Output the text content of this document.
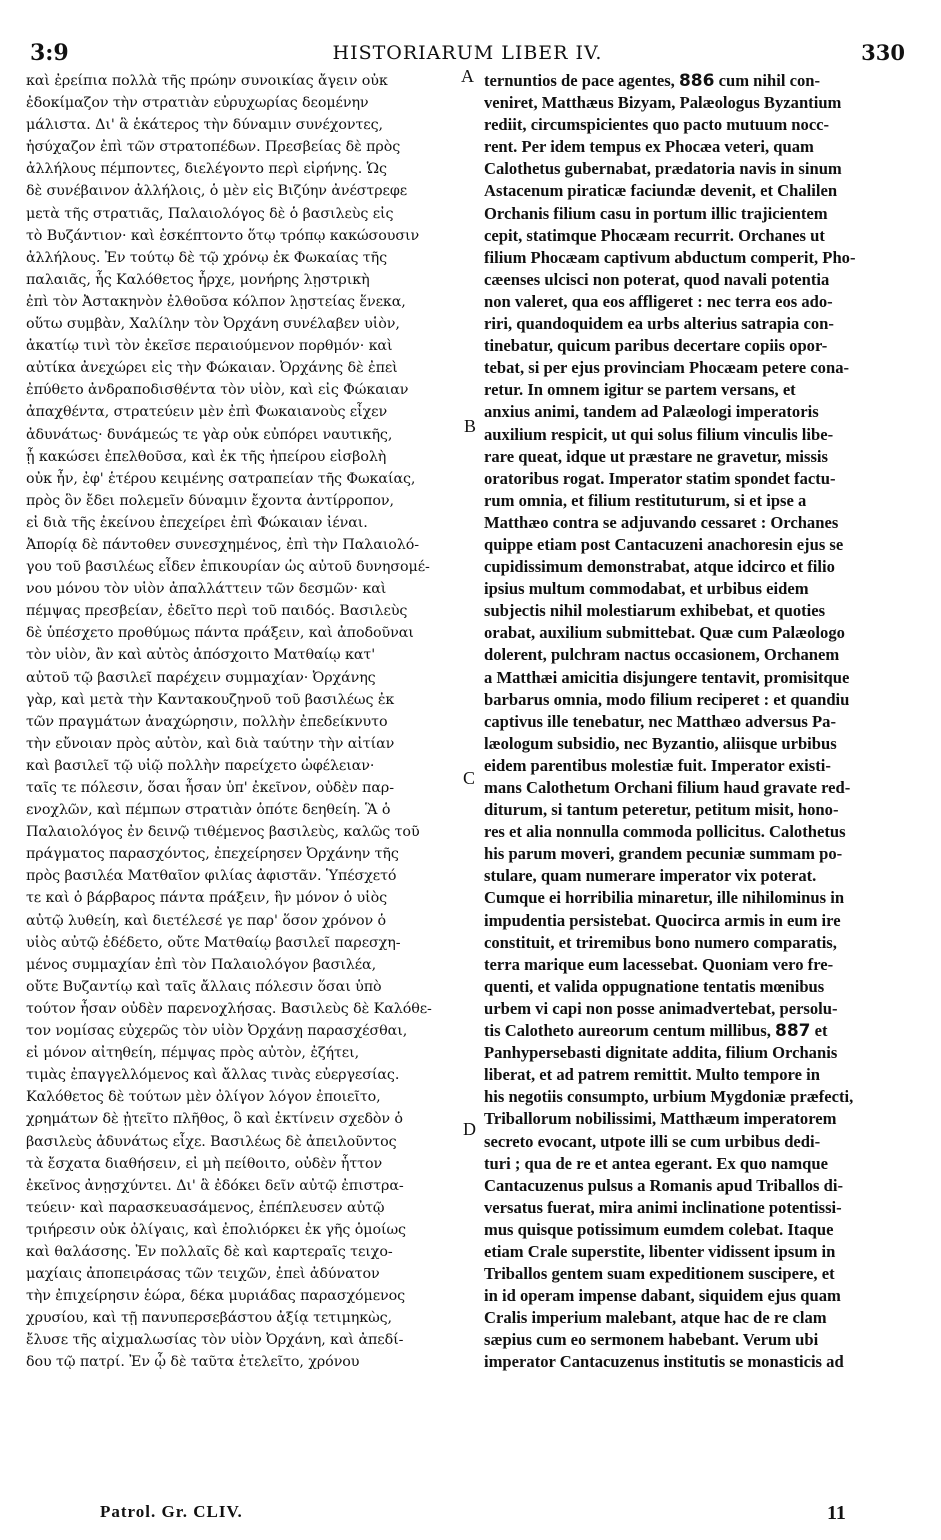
3:9	HISTORIARUM LIBER IV.	330
καὶ ἐρείπια πολλὰ τῆς πρώην συνοικίας ἄγειν οὐκ
ἐδοκίμαζον τὴν στρατιὰν εὐρυχωρίας δεομένην
μάλιστα. Δι' ἃ ἑκάτερος τὴν δύναμιν συνέχοντες,
ἡσύχαζον ἐπὶ τῶν στρατοπέδων. Πρεσβείας δὲ πρὸς
ἀλλήλους πέμποντες, διελέγοντο περὶ εἰρήνης. Ὡς
δὲ συνέβαινον ἀλλήλοις, ὁ μὲν εἰς Βιζύην ἀνέστρεφε
μετὰ τῆς στρατιᾶς, Παλαιολόγος δὲ ὁ βασιλεὺς εἰς
τὸ Βυζάντιον· καὶ ἐσκέπτοντο ὅτῳ τρόπῳ κακώσουσιν
ἀλλήλους. Ἐν τούτῳ δὲ τῷ χρόνῳ ἐκ Φωκαίας τῆς
παλαιᾶς, ἧς Καλόθετος ἦρχε, μονήρης λῃστρικὴ
ἐπὶ τὸν Ἀστακηνὸν ἐλθοῦσα κόλπον λῃστείας ἕνεκα,
οὕτω συμβὰν, Χαλίλην τὸν Ὀρχάνη συνέλαβεν υἱὸν,
ἀκατίῳ τινὶ τὸν ἐκεῖσε περαιούμενον πορθμόν· καὶ
αὐτίκα ἀνεχώρει εἰς τὴν Φώκαιαν. Ὀρχάνης δὲ ἐπεὶ
ἐπύθετο ἀνδραποδισθέντα τὸν υἱὸν, καὶ εἰς Φώκαιαν
ἀπαχθέντα, στρατεύειν μὲν ἐπὶ Φωκαιανοὺς εἶχεν
ἀδυνάτως· δυνάμεώς τε γὰρ οὐκ εὐπόρει ναυτικῆς,
ᾗ κακώσει ἐπελθοῦσα, καὶ ἐκ τῆς ἠπείρου εἰσβολὴ
οὐκ ἦν, ἐφ' ἑτέρου κειμένης σατραπείαν τῆς Φωκαίας,
πρὸς ὃν ἔδει πολεμεῖν δύναμιν ἔχοντα ἀντίρροπον,
εἰ διὰ τῆς ἐκείνου ἐπεχείρει ἐπὶ Φώκαιαν ἰέναι.
Ἀπορίᾳ δὲ πάντοθεν συνεσχημένος, ἐπὶ τὴν Παλαιολό-
γου τοῦ βασιλέως εἶδεν ἐπικουρίαν ὡς αὐτοῦ δυνησομέ-
νου μόνου τὸν υἱὸν ἀπαλλάττειν τῶν δεσμῶν· καὶ
πέμψας πρεσβείαν, ἐδεῖτο περὶ τοῦ παιδός. Βασιλεὺς
δὲ ὑπέσχετο προθύμως πάντα πράξειν, καὶ ἀποδοῦναι
τὸν υἱὸν, ἂν καὶ αὐτὸς ἀπόσχοιτο Ματθαίῳ κατ'
αὐτοῦ τῷ βασιλεῖ παρέχειν συμμαχίαν· Ὀρχάνης
γὰρ, καὶ μετὰ τὴν Καντακουζηνοῦ τοῦ βασιλέως ἐκ
τῶν πραγμάτων ἀναχώρησιν, πολλὴν ἐπεδείκνυτο
τὴν εὔνοιαν πρὸς αὐτὸν, καὶ διὰ ταύτην τὴν αἰτίαν
καὶ βασιλεῖ τῷ υἱῷ πολλὴν παρείχετο ὠφέλειαν·
ταῖς τε πόλεσιν, ὅσαι ἦσαν ὑπ' ἐκεῖνον, οὐδὲν παρ-
ενοχλῶν, καὶ πέμπων στρατιὰν ὁπότε δεηθείη. Ἃ ὁ
Παλαιολόγος ἐν δεινῷ τιθέμενος βασιλεὺς, καλῶς τοῦ
πράγματος παρασχόντος, ἐπεχείρησεν Ὀρχάνην τῆς
πρὸς βασιλέα Ματθαῖον φιλίας ἀφιστᾶν. Ὑπέσχετό
τε καὶ ὁ βάρβαρος πάντα πράξειν, ἣν μόνον ὁ υἱὸς
αὐτῷ λυθείη, καὶ διετέλεσέ γε παρ' ὅσον χρόνον ὁ
υἱὸς αὐτῷ ἐδέδετο, οὔτε Ματθαίῳ βασιλεῖ παρεσχη-
μένος συμμαχίαν ἐπὶ τὸν Παλαιολόγον βασιλέα,
οὔτε Βυζαντίῳ καὶ ταῖς ἄλλαις πόλεσιν ὅσαι ὑπὸ
τούτον ἦσαν οὐδὲν παρενοχλήσας. Βασιλεὺς δὲ Καλόθε-
τον νομίσας εὐχερῶς τὸν υἱὸν Ὀρχάνῃ παρασχέσθαι,
εἰ μόνον αἰτηθείη, πέμψας πρὸς αὐτὸν, ἐζήτει,
τιμὰς ἐπαγγελλόμενος καὶ ἄλλας τινὰς εὐεργεσίας.
Καλόθετος δὲ τούτων μὲν ὀλίγον λόγον ἐποιεῖτο,
χρημάτων δὲ ᾐτεῖτο πλῆθος, ὃ καὶ ἐκτίνειν σχεδὸν ὁ
βασιλεὺς ἀδυνάτως εἶχε. Βασιλέως δὲ ἀπειλοῦντος
τὰ ἔσχατα διαθήσειν, εἰ μὴ πείθοιτο, οὐδὲν ἧττον
ἐκεῖνος ἀνῃσχύντει. Δι' ἃ ἐδόκει δεῖν αὐτῷ ἐπιστρα-
τεύειν· καὶ παρασκευασάμενος, ἐπέπλευσεν αὐτῷ
τριήρεσιν οὐκ ὀλίγαις, καὶ ἐπολιόρκει ἐκ γῆς ὁμοίως
καὶ θαλάσσης. Ἐν πολλαῖς δὲ καὶ καρτεραῖς τειχο-
μαχίαις ἀποπειράσας τῶν τειχῶν, ἐπεὶ ἀδύνατον
τὴν ἐπιχείρησιν ἑώρα, δέκα μυριάδας παρασχόμενος
χρυσίου, καὶ τῇ πανυπερσεβάστου ἀξίᾳ τετιμηκὼς,
ἔλυσε τῆς αἰχμαλωσίας τὸν υἱὸν Ὀρχάνη, καὶ ἀπεδί-
δου τῷ πατρί. Ἐν ᾧ δὲ ταῦτα ἐτελεῖτο, χρόνου
ternuntios de pace agentes, 886 cum nihil con-
veniret, Matthæus Bizyam, Palæologus Byzantium
rediit, circumspicientes quo pacto mutuum nocc-
rent. Per idem tempus ex Phocæa veteri, quam
Calothetus gubernabat, prædatoria navis in sinum
Astacenum piraticæ faciundæ devenit, et Chalilen
Orchanis filium casu in portum illic trajicientem
cepit, statimque Phocæam recurrit. Orchanes ut
filium Phocæam captivum abductum comperit, Pho-
cæenses ulcisci non poterat, quod navali potentia
non valeret, qua eos affligeret : nec terra eos ado-
riri, quandoquidem ea urbs alterius satrapia con-
tinebatur, quicum paribus decertare copiis opor-
tebat, si per ejus provinciam Phocæam petere cona-
retur. In omnem igitur se partem versans, et
anxius animi, tandem ad Palæologi imperatoris
auxilium respicit, ut qui solus filium vinculis libe-
rare queat, idque ut præstare ne gravetur, missis
oratoribus rogat. Imperator statim spondet factu-
rum omnia, et filium restituturum, si et ipse a
Matthæo contra se adjuvando cessaret : Orchanes
quippe etiam post Cantacuzeni anachoresin ejus se
cupidissimum demonstrabat, atque idcirco et filio
ipsius multum commodabat, et urbibus eidem
subjectis nihil molestiarum exhibebat, et quoties
orabat, auxilium submittebat. Quæ cum Palæologo
dolerent, pulchram nactus occasionem, Orchanem
a Matthæi amicitia disjungere tentavit, promisitque
barbarus omnia, modo filium reciperet : et quandiu
captivus ille tenebatur, nec Matthæo adversus Pa-
læologum subsidio, nec Byzantio, aliisque urbibus
eidem parentibus molestiæ fuit. Imperator existi-
mans Calothetum Orchani filium haud gravate red-
diturum, si tantum peteretur, petitum misit, hono-
res et alia nonnulla commoda pollicitus. Calothetus
his parum moveri, grandem pecuniæ summam po-
stulare, quam numerare imperator vix poterat.
Cumque ei horribilia minaretur, ille nihilominus in
impudentia persistebat. Quocirca armis in eum ire
constituit, et triremibus bono numero comparatis,
terra marique eum lacessebat. Quoniam vero fre-
quenti, et valida oppugnatione tentatis mœnibus
urbem vi capi non posse animadvertebat, persolu-
tis Calotheto aureorum centum millibus, 887 et
Panhypersebasti dignitate addita, filium Orchanis
liberat, et ad patrem remittit. Multo tempore in
his negotiis consumpto, urbium Mygdoniæ præfecti,
Triballorum nobilissimi, Matthæum imperatorem
secreto evocant, utpote illi se cum urbibus dedi-
turi ; qua de re et antea egerant. Ex quo namque
Cantacuzenus pulsus a Romanis apud Triballos di-
versatus fuerat, mira animi inclinatione potentissi-
mus quisque potissimum eumdem colebat. Itaque
etiam Crale superstite, libenter vidissent ipsum in
Triballos gentem suam expeditionem suscipere, et
in id operam impense dabant, siquidem ejus quam
Cralis imperium malebant, atque hac de re clam
sæpius cum eo sermonem habebant. Verum ubi
imperator Cantacuzenus institutis se monasticis ad
A
B
C
D
Patrol. Gr. CLIV.	11
